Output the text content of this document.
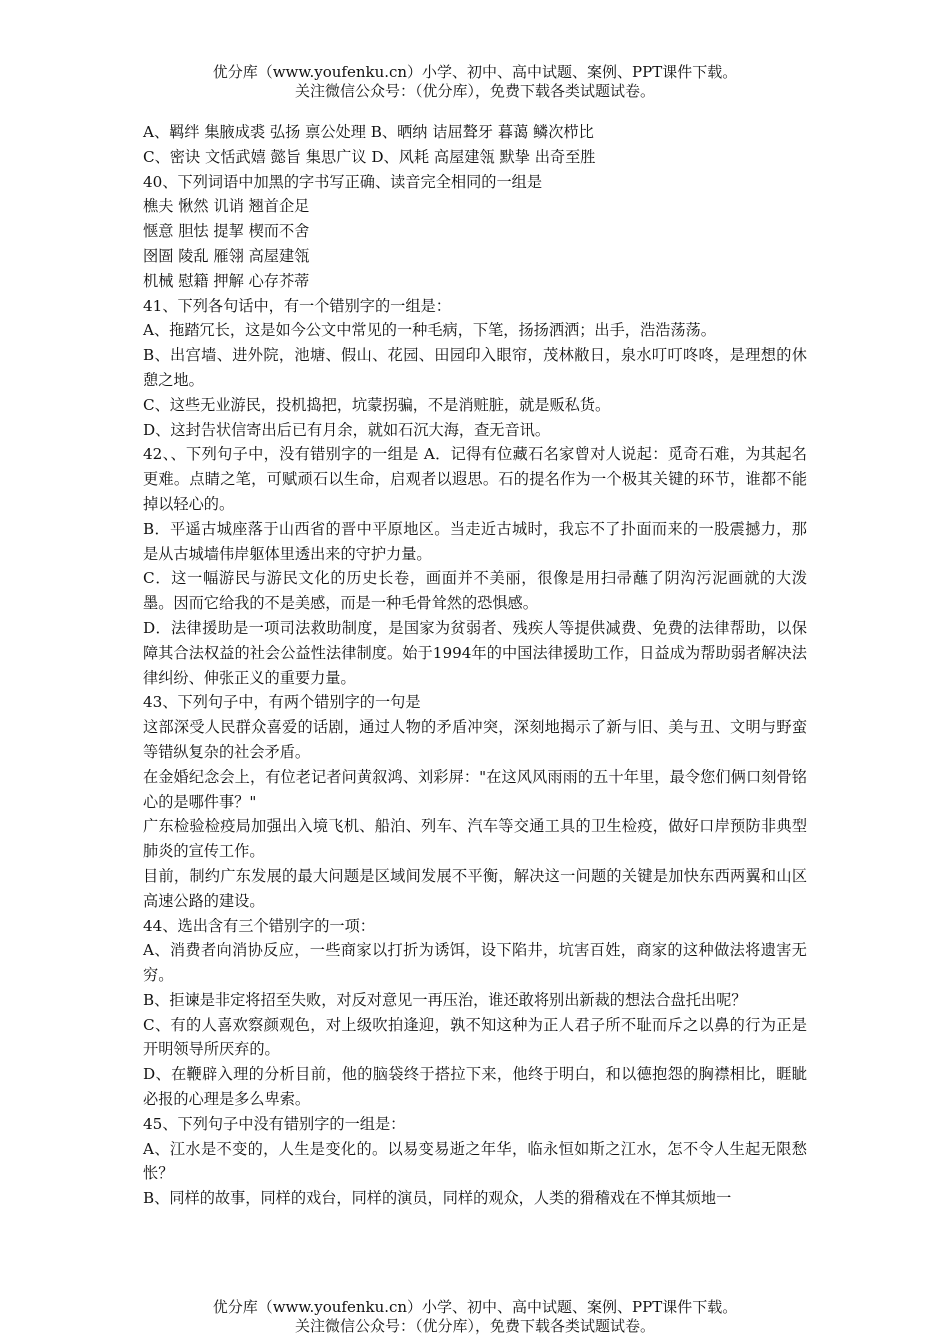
优分库（www.youfenku.cn）小学、初中、高中试题、案例、PPT课件下载。
关注微信公众号：（优分库），免费下载各类试题试卷。

A、羁绊 集腋成裘 弘扬 禀公处理 B、晒纳 诘屈聱牙 暮蔼 鳞次栉比

C、密诀 文恬武嬉 懿旨 集思广议 D、风耗 高屋建瓴 默挚 出奇至胜

40、下列词语中加黑的字书写正确、读音完全相同的一组是

樵夫 愀然 讥诮 翘首企足

惬意 胆怯 提挈 楔而不舍

囹圄 陵乱 雁翎 高屋建瓴

机械 慰籍 押解 心存芥蒂

41、下列各句话中，有一个错别字的一组是：

A、拖踏冗长，这是如今公文中常见的一种毛病，下笔，扬扬洒洒；出手，浩浩荡荡。

B、出宫墙、进外院，池塘、假山、花园、田园印入眼帘，茂林敝日，泉水叮叮咚咚，是理想的休憩之地。

C、这些无业游民，投机捣把，坑蒙拐骗，不是消赃脏，就是贩私货。

D、这封告状信寄出后已有月余，就如石沉大海，查无音讯。

42、、下列句子中，没有错别字的一组是 A．记得有位藏石名家曾对人说起：觅奇石难，为其起名更难。点睛之笔，可赋顽石以生命，启观者以遐思。石的提名作为一个极其关键的环节，谁都不能掉以轻心的。

B．平遥古城座落于山西省的晋中平原地区。当走近古城时，我忘不了扑面而来的一股震撼力，那是从古城墙伟岸躯体里透出来的守护力量。

C．这一幅游民与游民文化的历史长卷，画面并不美丽，很像是用扫帚蘸了阴沟污泥画就的大泼墨。因而它给我的不是美感，而是一种毛骨耸然的恐惧感。

D．法律援助是一项司法救助制度，是国家为贫弱者、残疾人等提供减费、免费的法律帮助，以保障其合法权益的社会公益性法律制度。始于1994年的中国法律援助工作，日益成为帮助弱者解决法律纠纷、伸张正义的重要力量。

43、下列句子中，有两个错别字的一句是

这部深受人民群众喜爱的话剧，通过人物的矛盾冲突，深刻地揭示了新与旧、美与丑、文明与野蛮等错纵复杂的社会矛盾。

在金婚纪念会上，有位老记者问黄叙鸿、刘彩屏："在这风风雨雨的五十年里，最令您们俩口刻骨铭心的是哪件事？"

广东检验检疫局加强出入境飞机、船泊、列车、汽车等交通工具的卫生检疫，做好口岸预防非典型肺炎的宣传工作。

目前，制约广东发展的最大问题是区域间发展不平衡，解决这一问题的关键是加快东西两翼和山区高速公路的建设。

44、选出含有三个错别字的一项：

A、消费者向消协反应，一些商家以打折为诱饵，设下陷井，坑害百姓，商家的这种做法将遗害无穷。

B、拒谏是非定将招至失败，对反对意见一再压治，谁还敢将别出新裁的想法合盘托出呢？

C、有的人喜欢察颜观色，对上级吹拍逢迎，孰不知这种为正人君子所不耻而斥之以鼻的行为正是开明领导所厌弃的。

D、在鞭辟入理的分析目前，他的脑袋终于搭拉下来，他终于明白，和以德抱怨的胸襟相比，睚眦必报的心理是多么卑索。

45、下列句子中没有错别字的一组是：

A、江水是不变的，人生是变化的。以易变易逝之年华，临永恒如斯之江水，怎不令人生起无限愁怅？

B、同样的故事，同样的戏台，同样的演员，同样的观众，人类的猾稽戏在不惮其烦地一

优分库（www.youfenku.cn）小学、初中、高中试题、案例、PPT课件下载。
关注微信公众号：（优分库），免费下载各类试题试卷。
